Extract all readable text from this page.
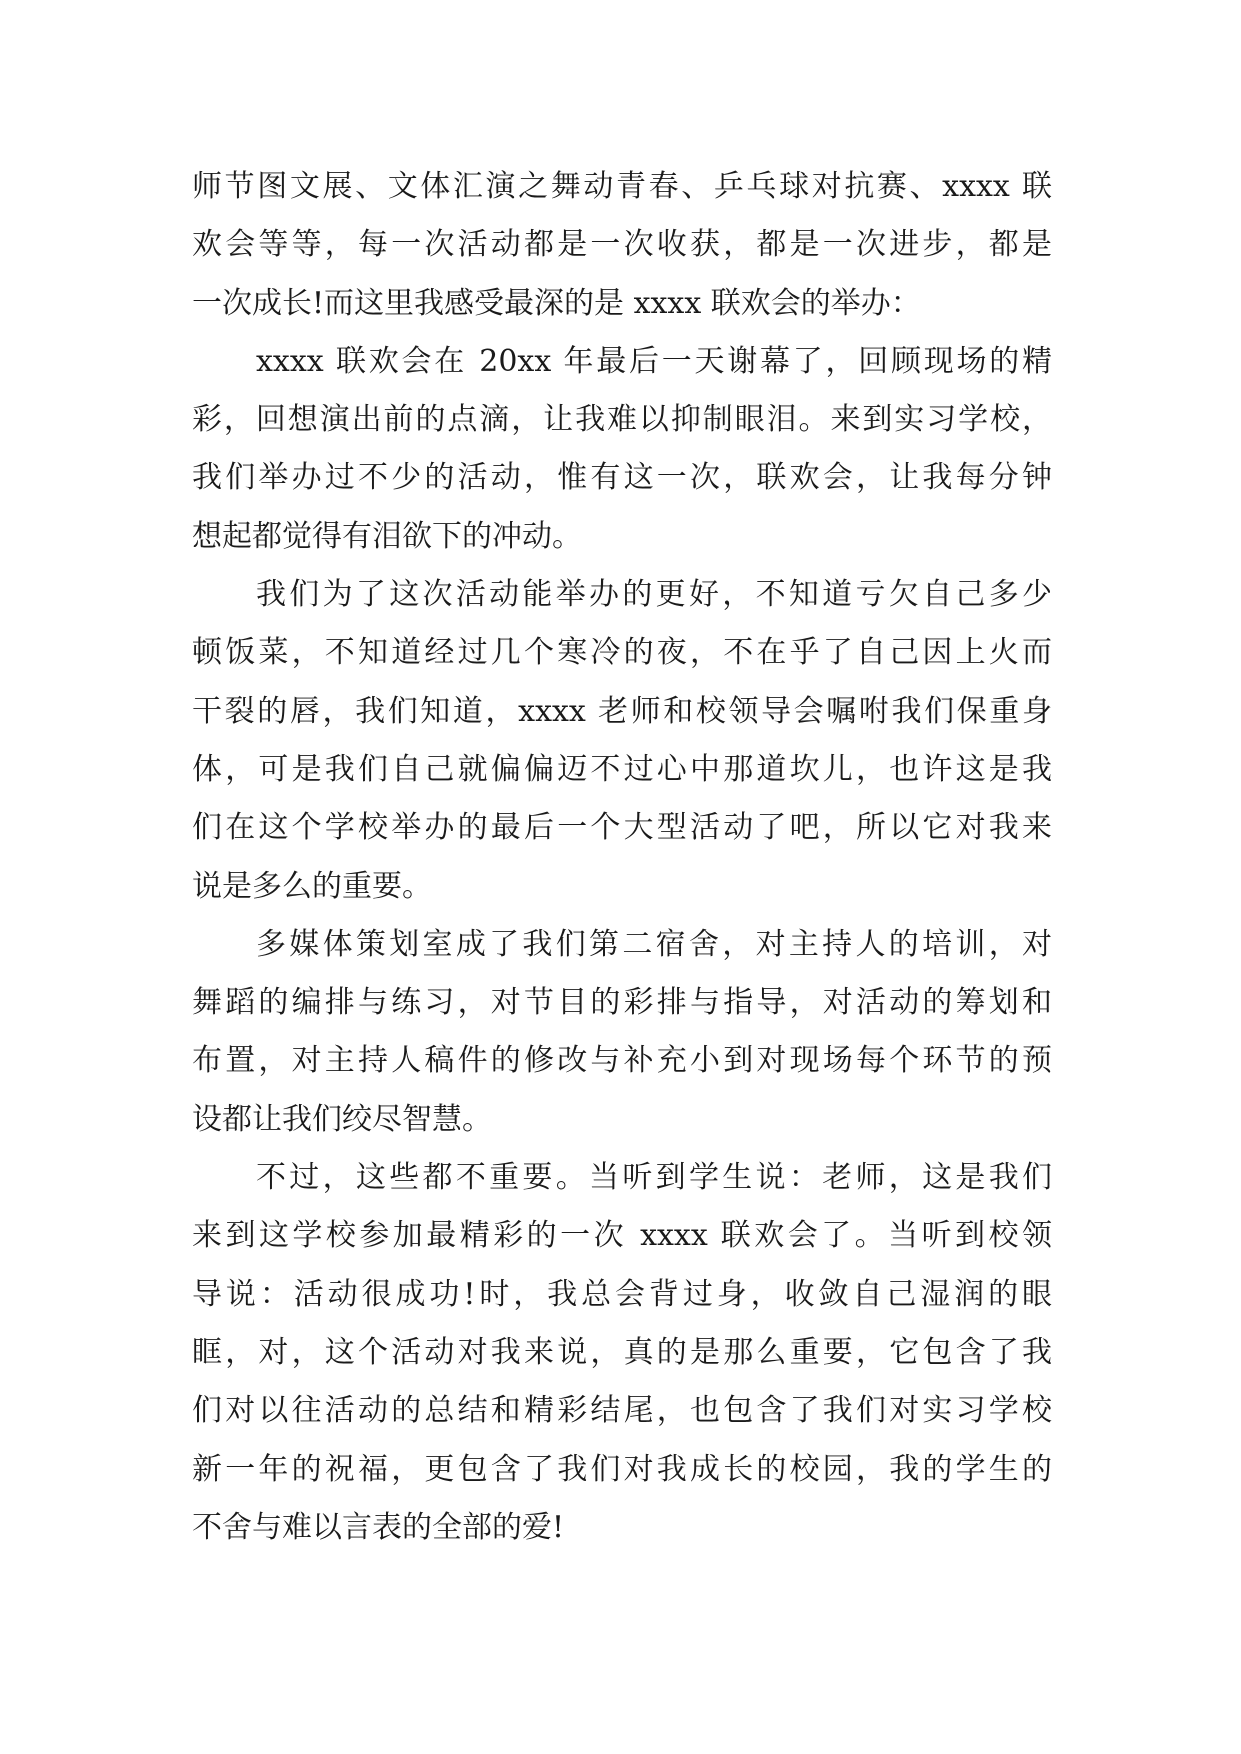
师节图文展、文体汇演之舞动青春、乒乓球对抗赛、xxxx 联
欢会等等，每一次活动都是一次收获，都是一次进步，都是
一次成长!而这里我感受最深的是 xxxx 联欢会的举办：
xxxx 联欢会在 20xx 年最后一天谢幕了，回顾现场的精
彩，回想演出前的点滴，让我难以抑制眼泪。来到实习学校，
我们举办过不少的活动，惟有这一次，联欢会，让我每分钟
想起都觉得有泪欲下的冲动。
我们为了这次活动能举办的更好，不知道亏欠自己多少
顿饭菜，不知道经过几个寒冷的夜，不在乎了自己因上火而
干裂的唇，我们知道，xxxx 老师和校领导会嘱咐我们保重身
体，可是我们自己就偏偏迈不过心中那道坎儿，也许这是我
们在这个学校举办的最后一个大型活动了吧，所以它对我来
说是多么的重要。
多媒体策划室成了我们第二宿舍，对主持人的培训，对
舞蹈的编排与练习，对节目的彩排与指导，对活动的筹划和
布置，对主持人稿件的修改与补充小到对现场每个环节的预
设都让我们绞尽智慧。
不过，这些都不重要。当听到学生说：老师，这是我们
来到这学校参加最精彩的一次 xxxx 联欢会了。当听到校领
导说：活动很成功!时，我总会背过身，收敛自己湿润的眼
眶，对，这个活动对我来说，真的是那么重要，它包含了我
们对以往活动的总结和精彩结尾，也包含了我们对实习学校
新一年的祝福，更包含了我们对我成长的校园，我的学生的
不舍与难以言表的全部的爱!
